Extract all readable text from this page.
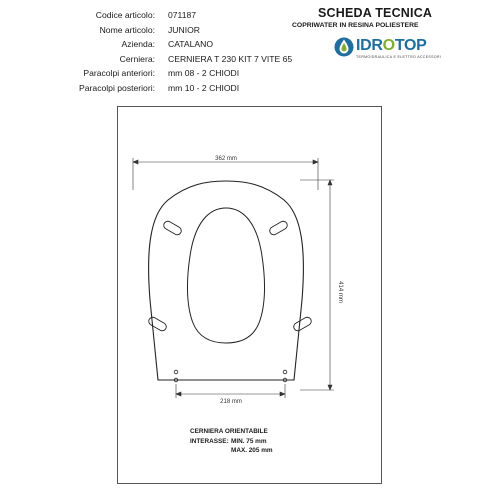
SCHEDA TECNICA
COPRIWATER IN RESINA POLIESTERE
IDROTOP
TERMOIDRAULICA E ELETTRO ACCESSORI
Codice articolo: 071187
Nome articolo: JUNIOR
Azienda: CATALANO
Cerniera: CERNIERA T 230 KIT 7 VITE 65
Paracolpi anteriori: mm 08 - 2 CHIODI
Paracolpi posteriori: mm 10 - 2 CHIODI
362 mm
414 mm
218 mm
CERNIERA ORIENTABILE
INTERASSE: MIN. 75 mm
MAX. 205 mm
